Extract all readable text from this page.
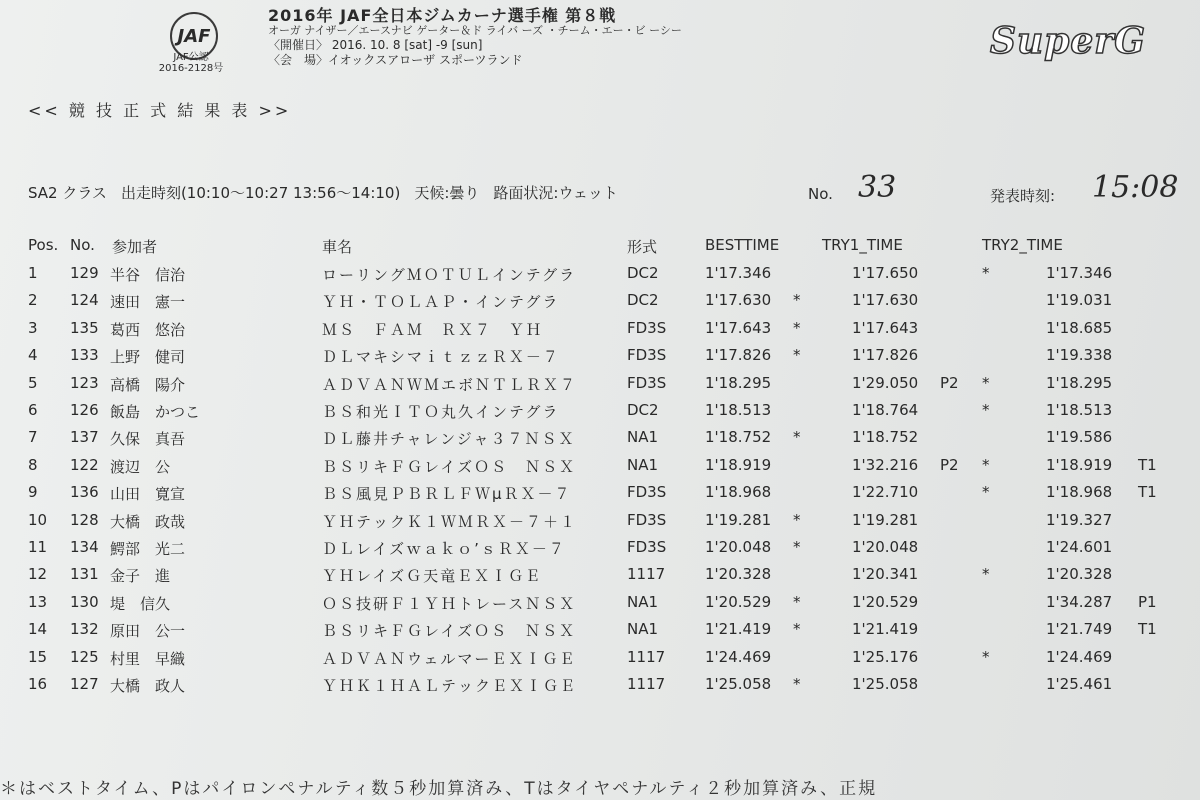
JAF
JAF公認
2016-2128号
2016年 JAF全日本ジムカーナ選手権 第８戦
オーガ ナイザー／エースナビ ゲーター＆ド ライバ ーズ ・チーム・エー・ビ ーシー
〈開催日〉 2016. 10. 8 [sat] -9 [sun]
〈会　場〉イオックスアローザ スポーツランド	SuperG
<< 競 技 正 式 結 果 表 >>
SA2 クラス 出走時刻(10:10〜10:27 13:56〜14:10) 天候:曇り 路面状況:ウェット	No. 33	発表時刻: 15:08
Pos. No. 参加者	車名	形式	BESTTIME	TRY1_TIME	TRY2_TIME
1 129 半谷　信治	ローリングＭＯＴＵＬインテグラ	DC2	1'17.346	1'17.650	*	1'17.346
2 124 速田　憲一	ＹＨ・ＴＯＬＡＰ・インテグラ	DC2	1'17.630 *	1'17.630	1'19.031
3 135 葛西　悠治	ＭＳ　ＦＡＭ　ＲＸ７　ＹＨ	FD3S	1'17.643 *	1'17.643	1'18.685
4 133 上野　健司	ＤＬマキシマｉｔｚｚＲＸ－７	FD3S	1'17.826 *	1'17.826	1'19.338
5 123 高橋　陽介	ＡＤＶＡＮＷＭエボＮＴＬＲＸ７	FD3S	1'18.295	1'29.050 P2 *	1'18.295
6 126 飯島　かつこ	ＢＳ和光ＩＴＯ丸久インテグラ	DC2	1'18.513	1'18.764	*	1'18.513
7 137 久保　真吾	ＤＬ藤井チャレンジャ３７ＮＳＸ	NA1	1'18.752 *	1'18.752	1'19.586
8 122 渡辺　公	ＢＳリキＦＧレイズＯＳ　ＮＳＸ	NA1	1'18.919	1'32.216 P2 *	1'18.919 T1
9 136 山田　寛宣	ＢＳ風見ＰＢＲＬＦＷμＲＸ－７	FD3S	1'18.968	1'22.710	*	1'18.968 T1
10 128 大橋　政哉	ＹＨテックＫ１ＷＭＲＸ－７＋１	FD3S	1'19.281 *	1'19.281	1'19.327
11 134 鰐部　光二	ＤＬレイズｗａｋｏ’ｓＲＸ－７	FD3S	1'20.048 *	1'20.048	1'24.601
12 131 金子　進	ＹＨレイズＧ天竜ＥＸＩＧＥ	1117	1'20.328	1'20.341	*	1'20.328
13 130 堤　信久	ＯＳ技研Ｆ１ＹＨトレースＮＳＸ	NA1	1'20.529 *	1'20.529	1'34.287 P1
14 132 原田　公一	ＢＳリキＦＧレイズＯＳ　ＮＳＸ	NA1	1'21.419 *	1'21.419	1'21.749 T1
15 125 村里　早織	ＡＤＶＡＮウェルマーＥＸＩＧＥ	1117	1'24.469	1'25.176	*	1'24.469
16 127 大橋　政人	ＹＨＫ１ＨＡＬテックＥＸＩＧＥ	1117	1'25.058 *	1'25.058	1'25.461
＊はベストタイム、Pはパイロンペナルティ数５秒加算済み、Tはタイヤペナルティ２秒加算済み、正規
